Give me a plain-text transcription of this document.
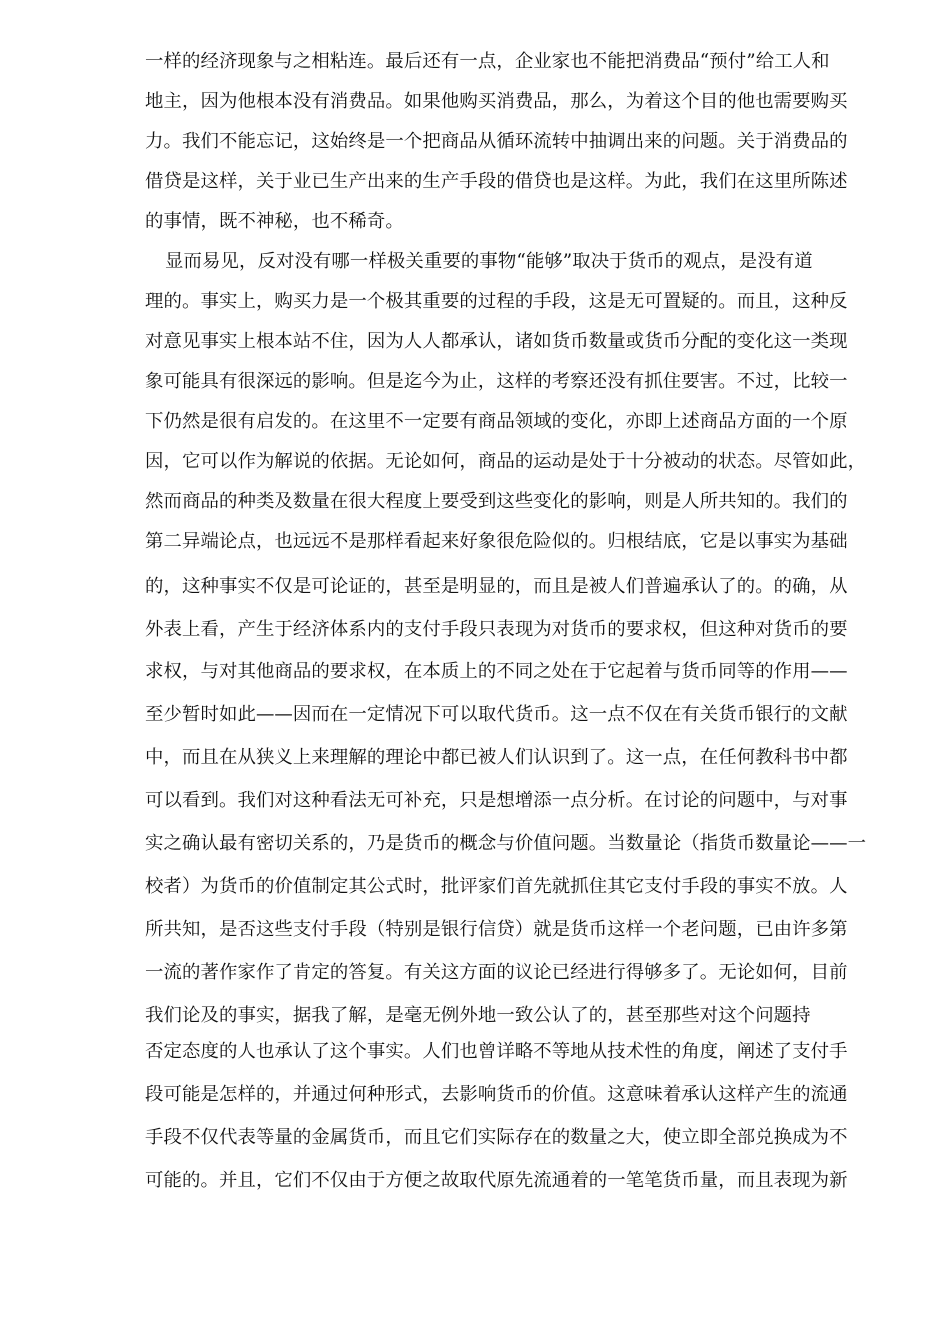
一样的经济现象与之相粘连。最后还有一点，企业家也不能把消费品“预付”给工人和
地主，因为他根本没有消费品。如果他购买消费品，那么，为着这个目的他也需要购买
力。我们不能忘记，这始终是一个把商品从循环流转中抽调出来的问题。关于消费品的
借贷是这样，关于业已生产出来的生产手段的借贷也是这样。为此，我们在这里所陈述
的事情，既不神秘，也不稀奇。
显而易见，反对没有哪一样极关重要的事物“能够”取决于货币的观点，是没有道
理的。事实上，购买力是一个极其重要的过程的手段，这是无可置疑的。而且，这种反
对意见事实上根本站不住，因为人人都承认，诸如货币数量或货币分配的变化这一类现
象可能具有很深远的影响。但是迄今为止，这样的考察还没有抓住要害。不过，比较一
下仍然是很有启发的。在这里不一定要有商品领域的变化，亦即上述商品方面的一个原
因，它可以作为解说的依据。无论如何，商品的运动是处于十分被动的状态。尽管如此，
然而商品的种类及数量在很大程度上要受到这些变化的影响，则是人所共知的。我们的
第二异端论点，也远远不是那样看起来好象很危险似的。归根结底，它是以事实为基础
的，这种事实不仅是可论证的，甚至是明显的，而且是被人们普遍承认了的。的确，从
外表上看，产生于经济体系内的支付手段只表现为对货币的要求权，但这种对货币的要
求权，与对其他商品的要求权，在本质上的不同之处在于它起着与货币同等的作用——
至少暂时如此——因而在一定情况下可以取代货币。这一点不仅在有关货币银行的文献
中，而且在从狭义上来理解的理论中都已被人们认识到了。这一点，在任何教科书中都
可以看到。我们对这种看法无可补充，只是想增添一点分析。在讨论的问题中，与对事
实之确认最有密切关系的，乃是货币的概念与价值问题。当数量论（指货币数量论——一
校者）为货币的价值制定其公式时，批评家们首先就抓住其它支付手段的事实不放。人
所共知，是否这些支付手段（特别是银行信贷）就是货币这样一个老问题，已由许多第
一流的著作家作了肯定的答复。有关这方面的议论已经进行得够多了。无论如何，目前
我们论及的事实，据我了解，是毫无例外地一致公认了的，甚至那些对这个问题持
否定态度的人也承认了这个事实。人们也曾详略不等地从技术性的角度，阐述了支付手
段可能是怎样的，并通过何种形式，去影响货币的价值。这意味着承认这样产生的流通
手段不仅代表等量的金属货币，而且它们实际存在的数量之大，使立即全部兑换成为不
可能的。并且，它们不仅由于方便之故取代原先流通着的一笔笔货币量，而且表现为新
